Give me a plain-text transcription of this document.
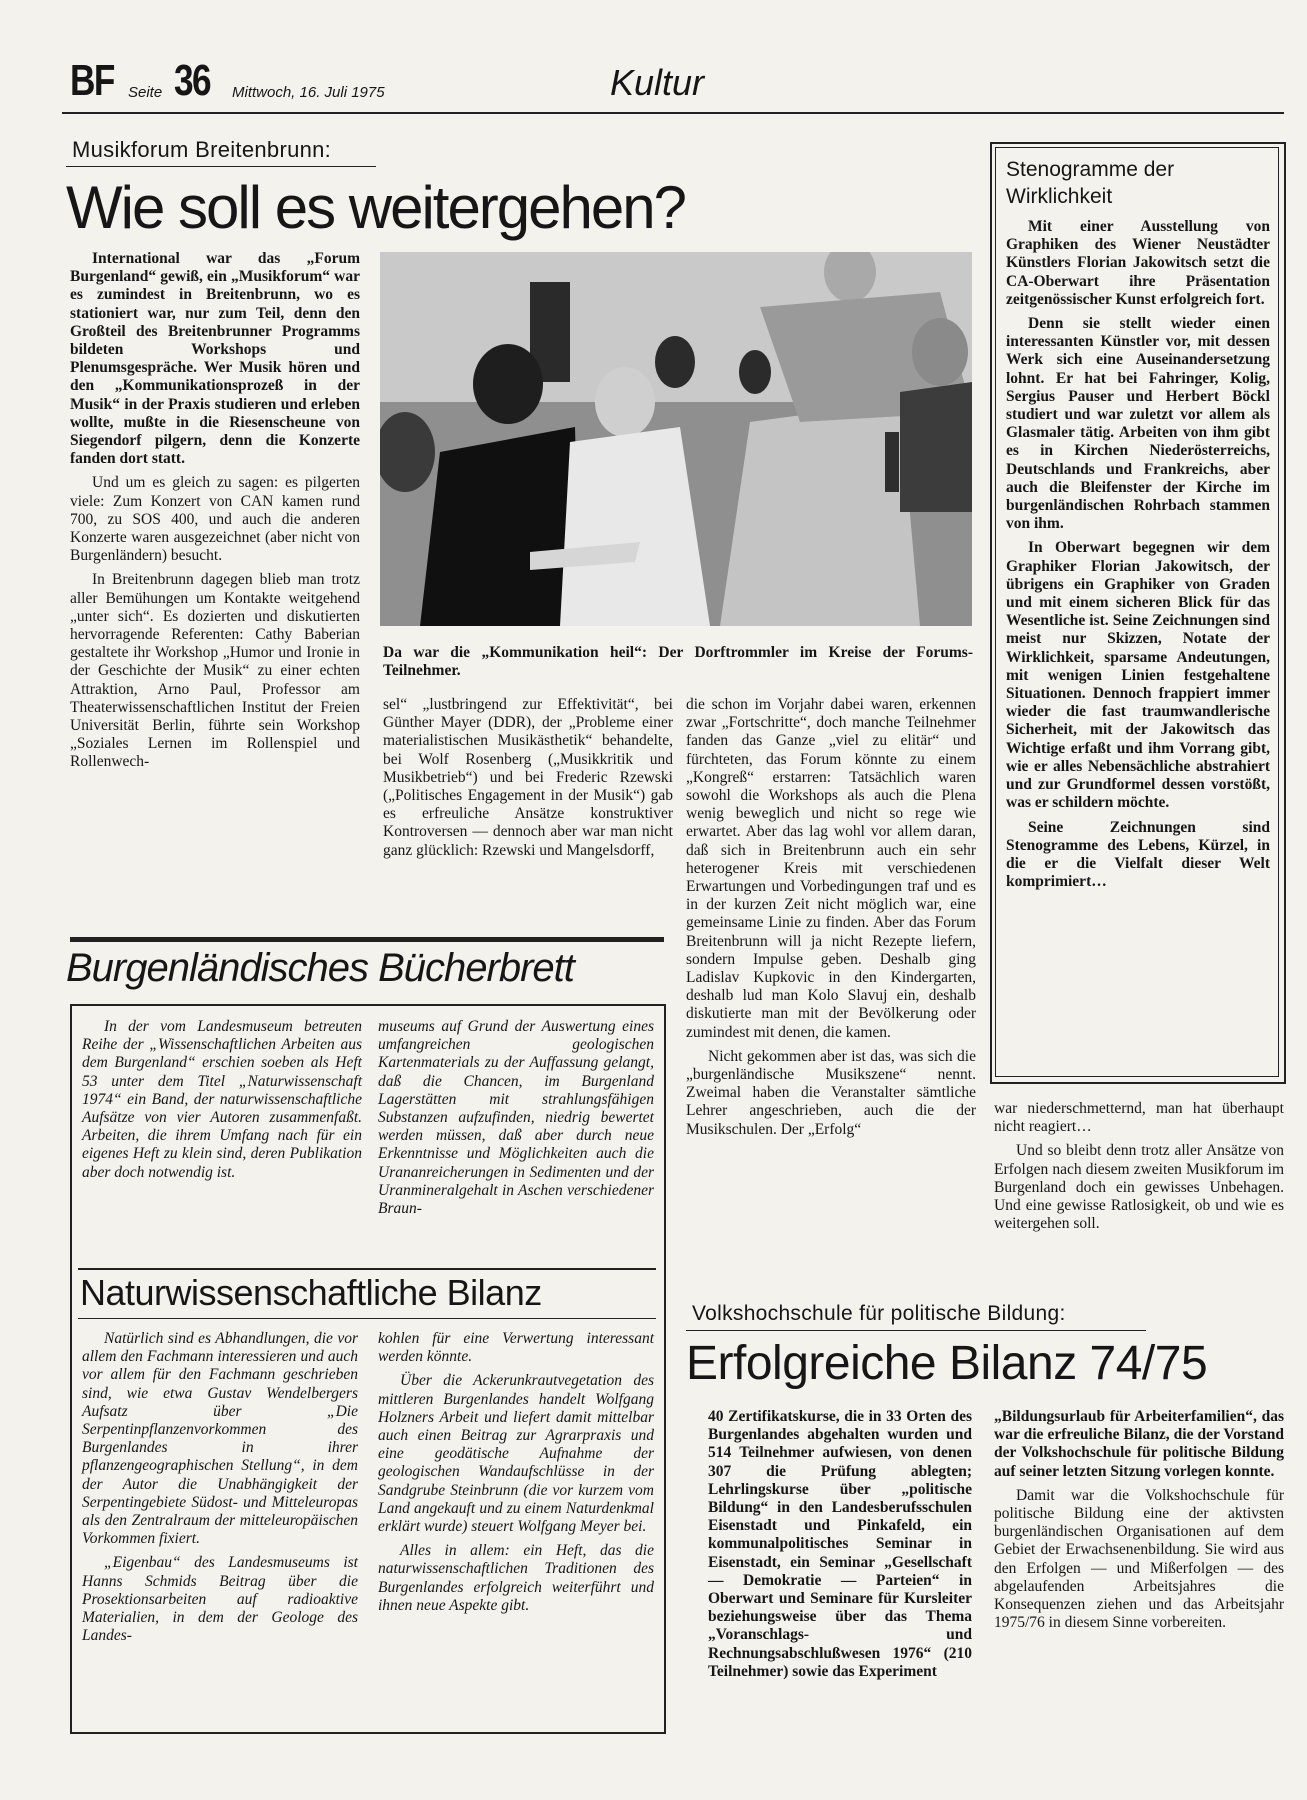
BF Seite 36 Mittwoch, 16. Juli 1975	Kultur
Musikforum Breitenbrunn:
Wie soll es weitergehen?

International war das „Forum Burgenland“ gewiß, ein „Musikforum“ war es zumindest in Breitenbrunn, wo es stationiert war, nur zum Teil, denn den Großteil des Breitenbrunner Programms bildeten Workshops und Plenumsgespräche. Wer Musik hören und den „Kommunikationsprozeß in der Musik“ in der Praxis studieren und erleben wollte, mußte in die Riesenscheune von Siegendorf pilgern, denn die Konzerte fanden dort statt.

Und um es gleich zu sagen: es pilgerten viele: Zum Konzert von CAN kamen rund 700, zu SOS 400, und auch die anderen Konzerte waren ausgezeichnet (aber nicht von Burgenländern) besucht.

In Breitenbrunn dagegen blieb man trotz aller Bemühungen um Kontakte weitgehend „unter sich“. Es dozierten und diskutierten hervorragende Referenten: Cathy Baberian gestaltete ihr Workshop „Humor und Ironie in der Geschichte der Musik“ zu einer echten Attraktion, Arno Paul, Professor am Theaterwissenschaftlichen Institut der Freien Universität Berlin, führte sein Workshop „Soziales Lernen im Rollenspiel und Rollenwech-

Da war die „Kommunikation heil“: Der Dorftrommler im Kreise der Forums-Teilnehmer.

sel“ „lustbringend zur Effektivität“, bei Günther Mayer (DDR), der „Probleme einer materialistischen Musikästhetik“ behandelte, bei Wolf Rosenberg („Musikkritik und Musikbetrieb“) und bei Frederic Rzewski („Politisches Engagement in der Musik“) gab es erfreuliche Ansätze konstruktiver Kontroversen — dennoch aber war man nicht ganz glücklich: Rzewski und Mangelsdorff,

die schon im Vorjahr dabei waren, erkennen zwar „Fortschritte“, doch manche Teilnehmer fanden das Ganze „viel zu elitär“ und fürchteten, das Forum könnte zu einem „Kongreß“ erstarren: Tatsächlich waren sowohl die Workshops als auch die Plena wenig beweglich und nicht so rege wie erwartet. Aber das lag wohl vor allem daran, daß sich in Breitenbrunn auch ein sehr heterogener Kreis mit verschiedenen Erwartungen und Vorbedingungen traf und es in der kurzen Zeit nicht möglich war, eine gemeinsame Linie zu finden. Aber das Forum Breitenbrunn will ja nicht Rezepte liefern, sondern Impulse geben. Deshalb ging Ladislav Kupkovic in den Kindergarten, deshalb lud man Kolo Slavuj ein, deshalb diskutierte man mit der Bevölkerung oder zumindest mit denen, die kamen.

Nicht gekommen aber ist das, was sich die „burgenländische Musikszene“ nennt. Zweimal haben die Veranstalter sämtliche Lehrer angeschrieben, auch die der Musikschulen. Der „Erfolg“

war niederschmetternd, man hat überhaupt nicht reagiert…

Und so bleibt denn trotz aller Ansätze von Erfolgen nach diesem zweiten Musikforum im Burgenland doch ein gewisses Unbehagen. Und eine gewisse Ratlosigkeit, ob und wie es weitergehen soll.

Stenogramme der Wirklichkeit

Mit einer Ausstellung von Graphiken des Wiener Neustädter Künstlers Florian Jakowitsch setzt die CA-Oberwart ihre Präsentation zeitgenössischer Kunst erfolgreich fort.

Denn sie stellt wieder einen interessanten Künstler vor, mit dessen Werk sich eine Auseinandersetzung lohnt. Er hat bei Fahringer, Kolig, Sergius Pauser und Herbert Böckl studiert und war zuletzt vor allem als Glasmaler tätig. Arbeiten von ihm gibt es in Kirchen Niederösterreichs, Deutschlands und Frankreichs, aber auch die Bleifenster der Kirche im burgenländischen Rohrbach stammen von ihm.

In Oberwart begegnen wir dem Graphiker Florian Jakowitsch, der übrigens ein Graphiker von Graden und mit einem sicheren Blick für das Wesentliche ist. Seine Zeichnungen sind meist nur Skizzen, Notate der Wirklichkeit, sparsame Andeutungen, mit wenigen Linien festgehaltene Situationen. Dennoch frappiert immer wieder die fast traumwandlerische Sicherheit, mit der Jakowitsch das Wichtige erfaßt und ihm Vorrang gibt, wie er alles Nebensächliche abstrahiert und zur Grundformel dessen vorstößt, was er schildern möchte.

Seine Zeichnungen sind Stenogramme des Lebens, Kürzel, in die er die Vielfalt dieser Welt komprimiert…

Burgenländisches Bücherbrett

In der vom Landesmuseum betreuten Reihe der „Wissenschaftlichen Arbeiten aus dem Burgenland“ erschien soeben als Heft 53 unter dem Titel „Naturwissenschaft 1974“ ein Band, der naturwissenschaftliche Aufsätze von vier Autoren zusammenfaßt. Arbeiten, die ihrem Umfang nach für ein eigenes Heft zu klein sind, deren Publikation aber doch notwendig ist.

museums auf Grund der Auswertung eines umfangreichen geologischen Kartenmaterials zu der Auffassung gelangt, daß die Chancen, im Burgenland Lagerstätten mit strahlungsfähigen Substanzen aufzufinden, niedrig bewertet werden müssen, daß aber durch neue Erkenntnisse und Möglichkeiten auch die Urananreicherungen in Sedimenten und der Uranmineralgehalt in Aschen verschiedener Braun-

Naturwissenschaftliche Bilanz

Natürlich sind es Abhandlungen, die vor allem den Fachmann interessieren und auch vor allem für den Fachmann geschrieben sind, wie etwa Gustav Wendelbergers Aufsatz über „Die Serpentinpflanzenvorkommen des Burgenlandes in ihrer pflanzengeographischen Stellung“, in dem der Autor die Unabhängigkeit der Serpentingebiete Südost- und Mitteleuropas als den Zentralraum der mitteleuropäischen Vorkommen fixiert.

„Eigenbau“ des Landesmuseums ist Hanns Schmids Beitrag über die Prosektionsarbeiten auf radioaktive Materialien, in dem der Geologe des Landes-

kohlen für eine Verwertung interessant werden könnte.

Über die Ackerunkrautvegetation des mittleren Burgenlandes handelt Wolfgang Holzners Arbeit und liefert damit mittelbar auch einen Beitrag zur Agrarpraxis und eine geodätische Aufnahme der geologischen Wandaufschlüsse in der Sandgrube Steinbrunn (die vor kurzem vom Land angekauft und zu einem Naturdenkmal erklärt wurde) steuert Wolfgang Meyer bei.

Alles in allem: ein Heft, das die naturwissenschaftlichen Traditionen des Burgenlandes erfolgreich weiterführt und ihnen neue Aspekte gibt.

Volkshochschule für politische Bildung:
Erfolgreiche Bilanz 74/75

40 Zertifikatskurse, die in 33 Orten des Burgenlandes abgehalten wurden und 514 Teilnehmer aufwiesen, von denen 307 die Prüfung ablegten; Lehrlingskurse über „politische Bildung“ in den Landesberufsschulen Eisenstadt und Pinkafeld, ein kommunalpolitisches Seminar in Eisenstadt, ein Seminar „Gesellschaft — Demokratie — Parteien“ in Oberwart und Seminare für Kursleiter beziehungsweise über das Thema „Voranschlags- und Rechnungsabschlußwesen 1976“ (210 Teilnehmer) sowie das Experiment

„Bildungsurlaub für Arbeiterfamilien“, das war die erfreuliche Bilanz, die der Vorstand der Volkshochschule für politische Bildung auf seiner letzten Sitzung vorlegen konnte.

Damit war die Volkshochschule für politische Bildung eine der aktivsten burgenländischen Organisationen auf dem Gebiet der Erwachsenenbildung. Sie wird aus den Erfolgen — und Mißerfolgen — des abgelaufenden Arbeitsjahres die Konsequenzen ziehen und das Arbeitsjahr 1975/76 in diesem Sinne vorbereiten.
